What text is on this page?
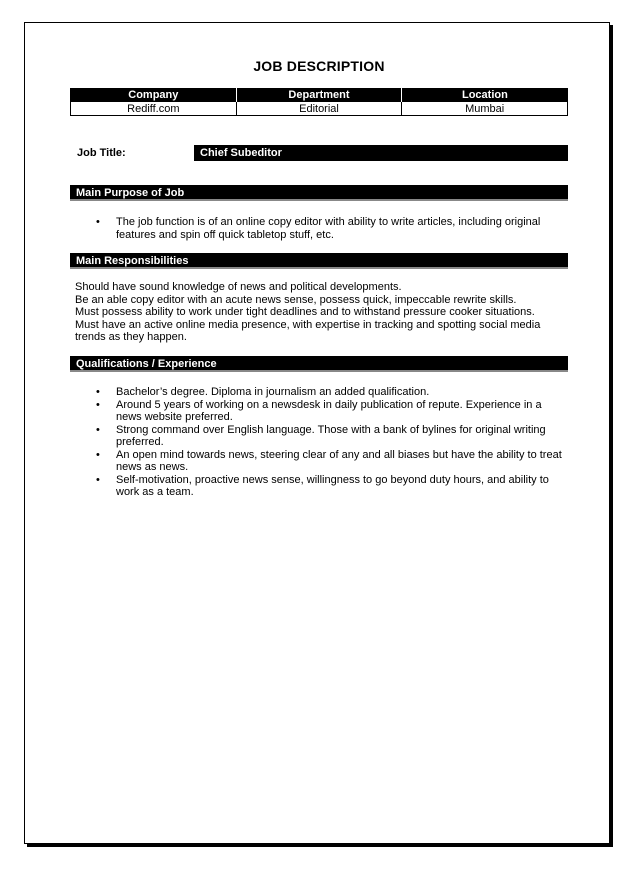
JOB DESCRIPTION
Company	Department	Location
Rediff.com	Editorial	Mumbai
Job Title:	Chief Subeditor
Main Purpose of Job
• The job function is of an online copy editor with ability to write articles, including original features and spin off quick tabletop stuff, etc.
Main Responsibilities
Should have sound knowledge of news and political developments.
Be an able copy editor with an acute news sense, possess quick, impeccable rewrite skills.
Must possess ability to work under tight deadlines and to withstand pressure cooker situations.
Must have an active online media presence, with expertise in tracking and spotting social media trends as they happen.
Qualifications / Experience
• Bachelor’s degree. Diploma in journalism an added qualification.
• Around 5 years of working on a newsdesk in daily publication of repute. Experience in a news website preferred.
• Strong command over English language. Those with a bank of bylines for original writing preferred.
• An open mind towards news, steering clear of any and all biases but have the ability to treat news as news.
• Self-motivation, proactive news sense, willingness to go beyond duty hours, and ability to work as a team.
